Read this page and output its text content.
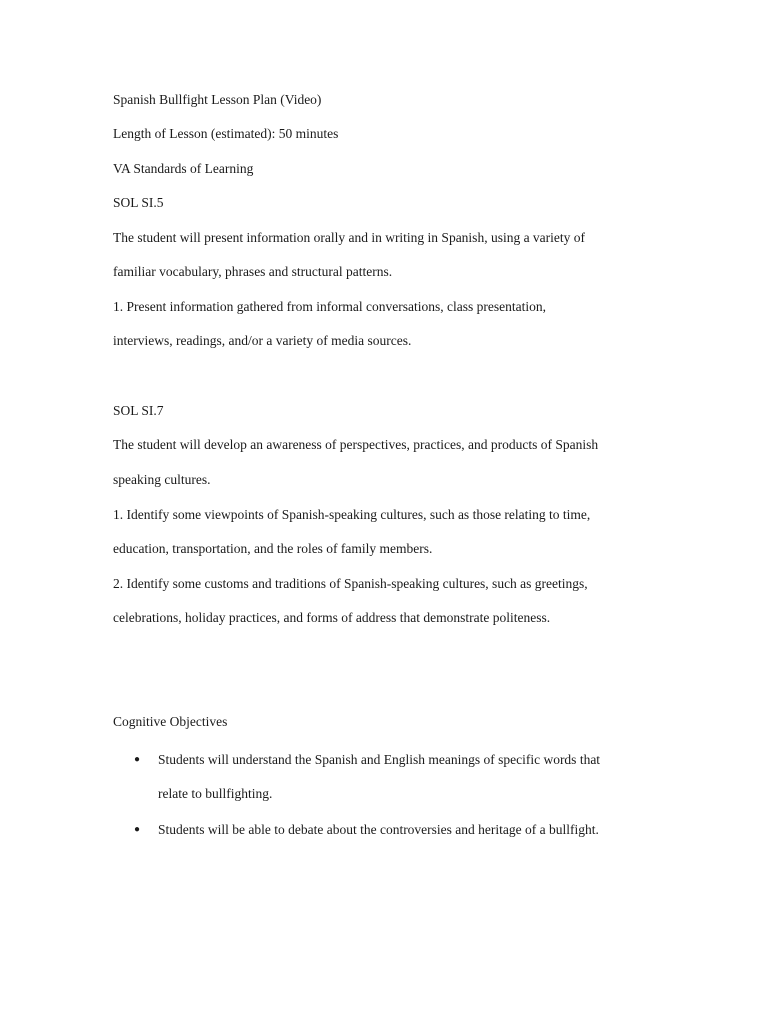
Spanish Bullfight Lesson Plan (Video)
Length of Lesson (estimated): 50 minutes
VA Standards of Learning
SOL SI.5
The student will present information orally and in writing in Spanish, using a variety of
familiar vocabulary, phrases and structural patterns.
1. Present information gathered from informal conversations, class presentation,
interviews, readings, and/or a variety of media sources.
SOL SI.7
The student will develop an awareness of perspectives, practices, and products of Spanish
speaking cultures.
1. Identify some viewpoints of Spanish-speaking cultures, such as those relating to time,
education, transportation, and the roles of family members.
2. Identify some customs and traditions of Spanish-speaking cultures, such as greetings,
celebrations, holiday practices, and forms of address that demonstrate politeness.
Cognitive Objectives
● Students will understand the Spanish and English meanings of specific words that
relate to bullfighting.
● Students will be able to debate about the controversies and heritage of a bullfight.
